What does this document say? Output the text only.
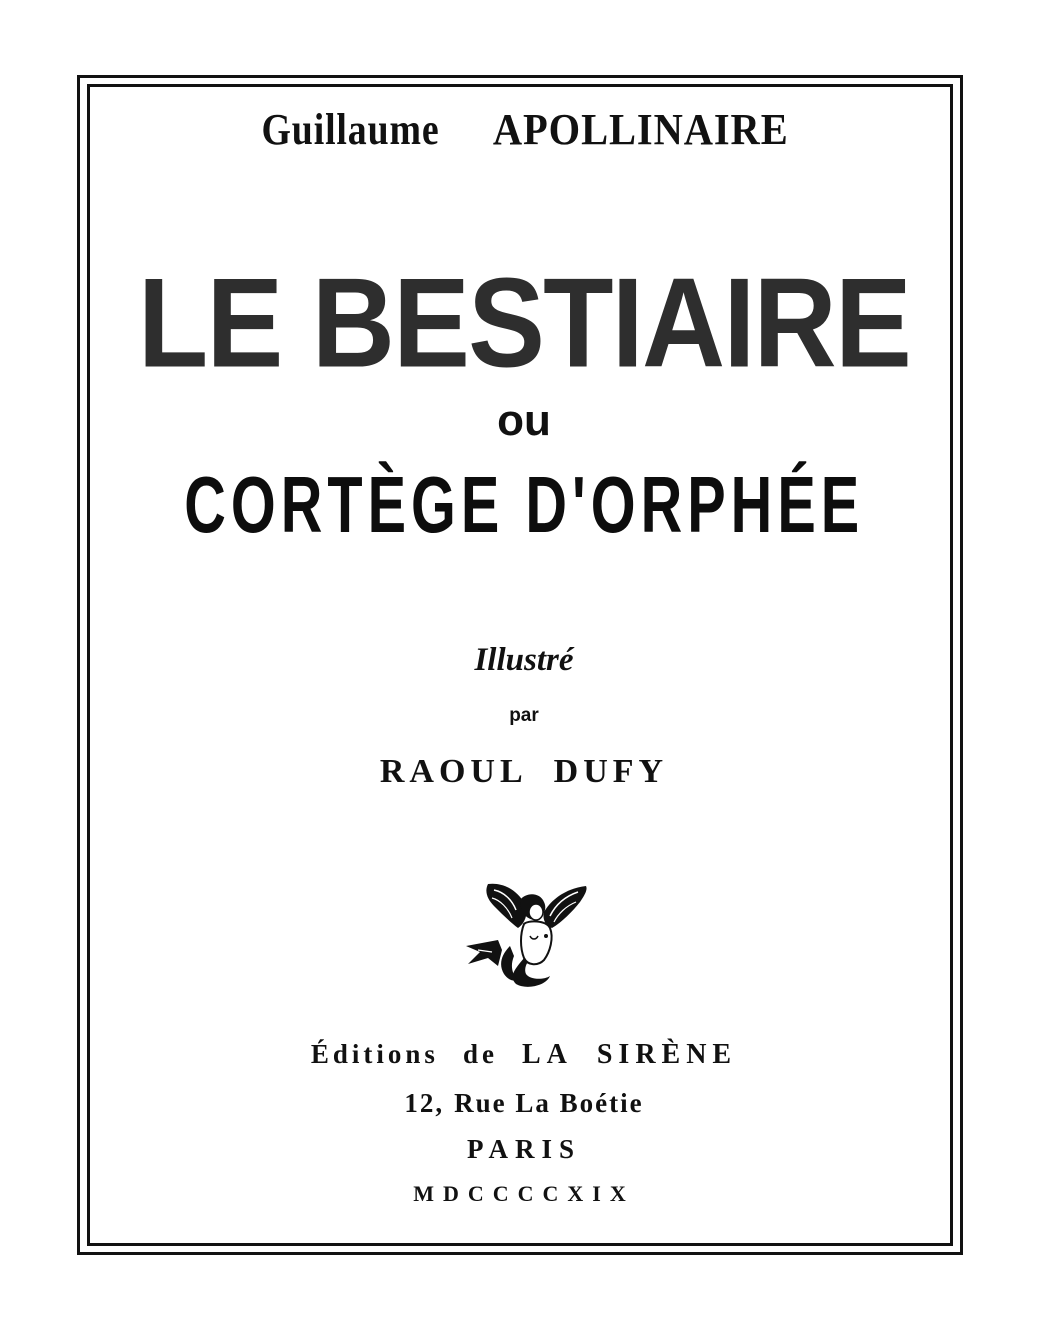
Guillaume APOLLINAIRE
LE BESTIAIRE
ou
CORTÈGE D'ORPHÉE
Illustré
par
RAOUL DUFY
Éditions de LA SIRÈNE
12, Rue La Boétie
PARIS
MDCCCCXIX
